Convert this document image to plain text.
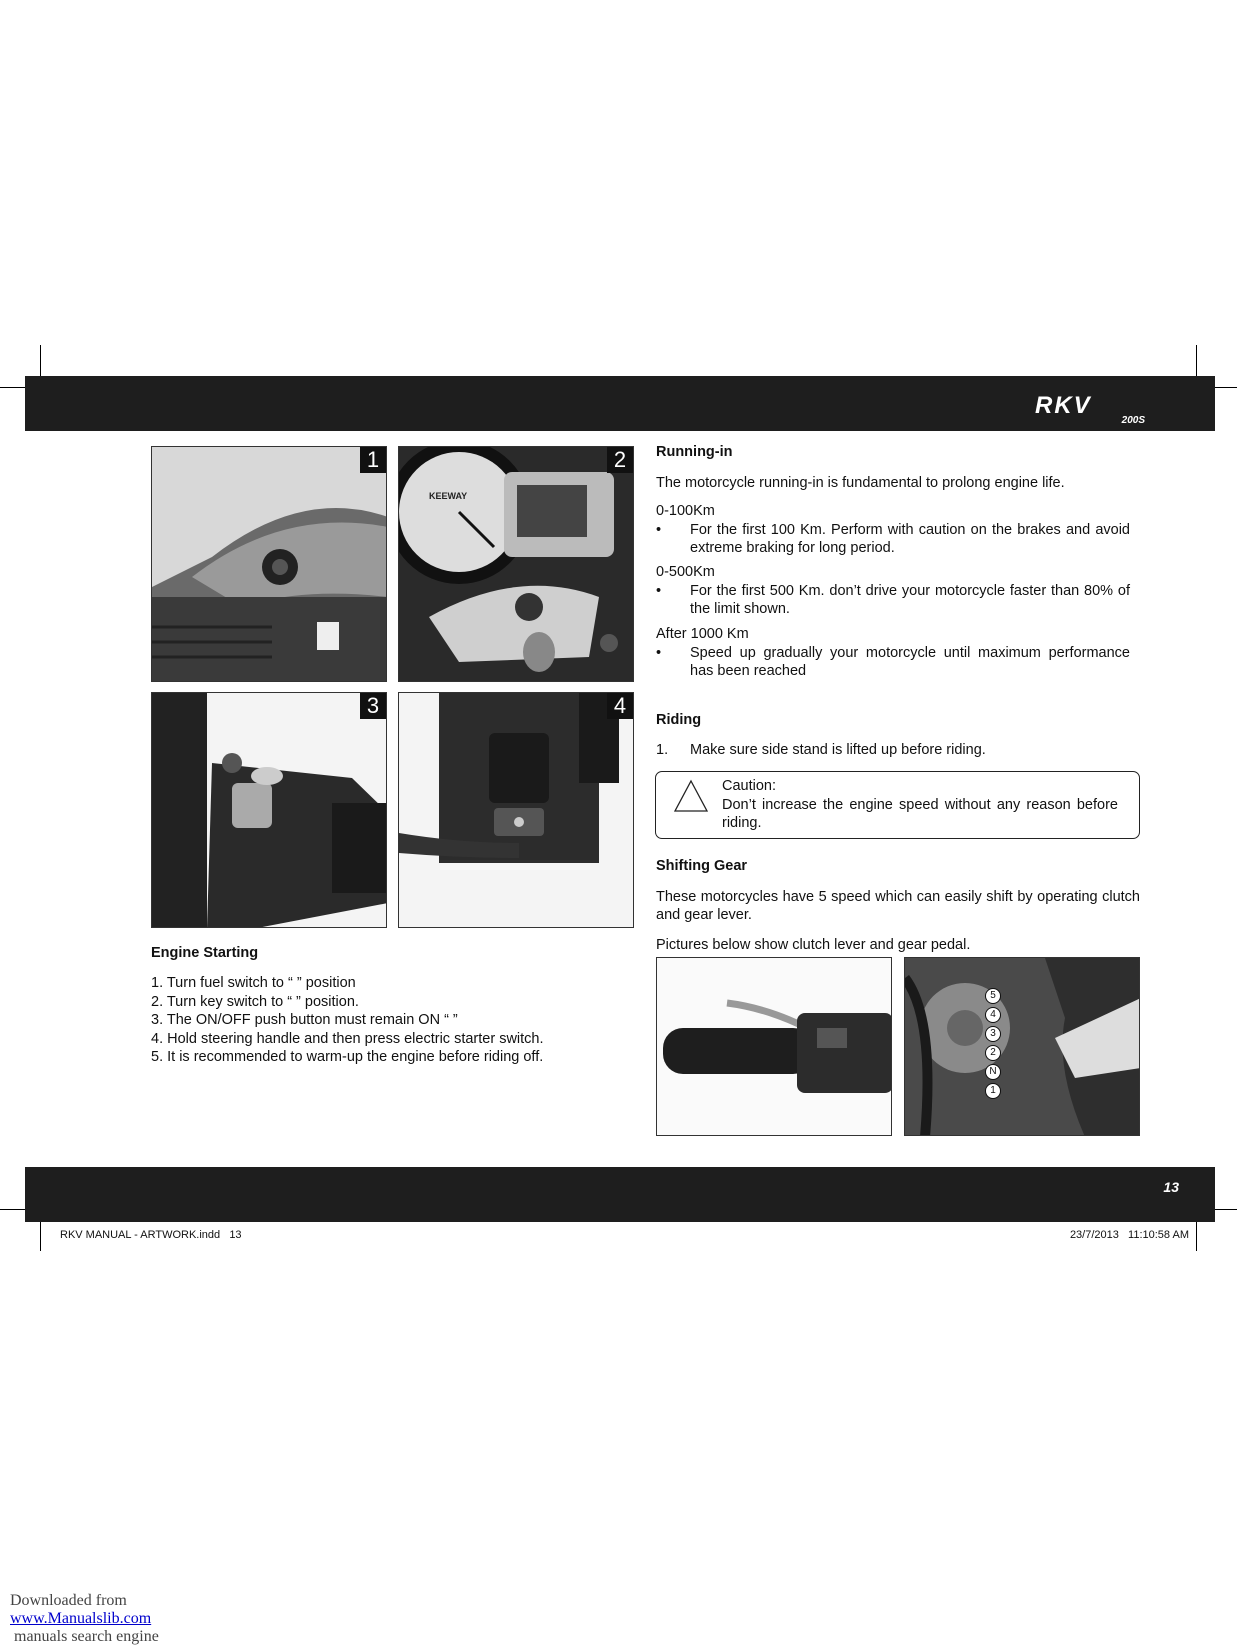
RKV
200S
1
KEEWAY
2
3	4
Engine Starting
1. Turn fuel switch to “ ” position
2. Turn key switch to “ ” position.
3. The ON/OFF push button must remain ON “ ”
4. Hold steering handle and then press electric starter switch.
5. It is recommended to warm-up the engine before riding off.
Running-in
The motorcycle running-in is fundamental to prolong engine life.
0-100Km
• For the first 100 Km. Perform with caution on the brakes and avoid extreme braking for long period.
0-500Km
• For the first 500 Km. don’t drive your motorcycle faster than 80% of the limit shown.
After 1000 Km
• Speed up gradually your motorcycle until maximum performance has been reached
Riding
1. Make sure side stand is lifted up before riding.
Caution:
Don’t increase the engine speed without any reason before riding.
Shifting Gear
These motorcycles have 5 speed which can easily shift by operating clutch and gear lever.
Pictures below show clutch lever and gear pedal.
5
4
3
2
N
1
13
RKV MANUAL - ARTWORK.indd   13	23/7/2013   11:10:58 AM

Downloaded from
www.Manualslib.com
manuals search engine
